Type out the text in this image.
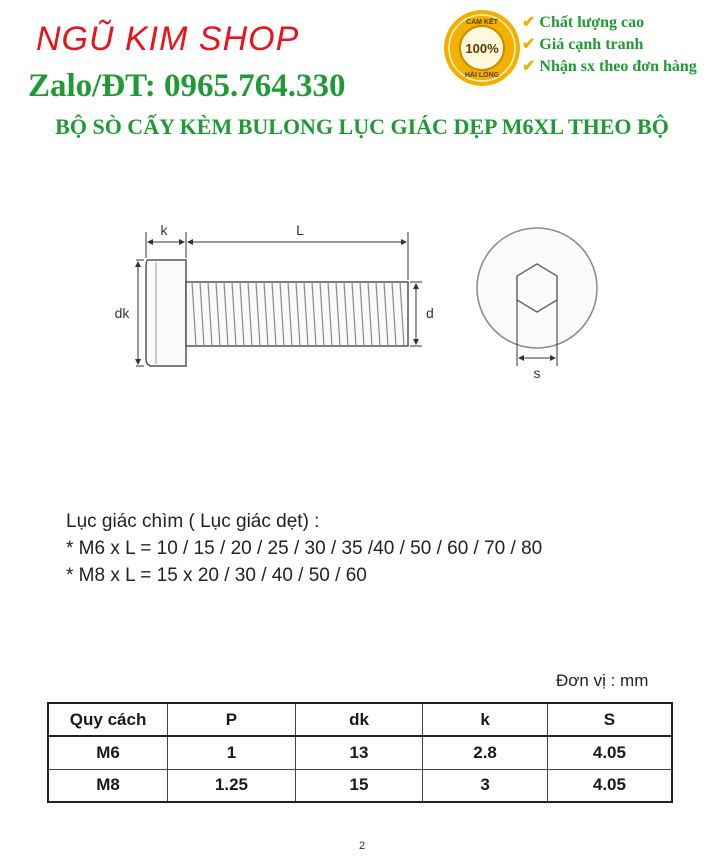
NGŨ KIM SHOP
Zalo/ĐT: 0965.764.330
CAM KẾT
100%
HÀI LÒNG
✔ Chất lượng cao
✔ Giá cạnh tranh
✔ Nhận sx theo đơn hàng
BỘ SÒ CẤY KÈM BULONG LỤC GIÁC DẸP M6XL THEO BỘ
k	L
dk	d
s
Lục giác chìm ( Lục giác dẹt) :
* M6 x L = 10 / 15 / 20 / 25 / 30 / 35 /40 / 50 / 60 / 70 / 80
* M8 x L = 15 x 20 / 30 / 40 / 50 / 60
Đơn vị : mm
Quy cách	P	dk	k	S
M6	1	13	2.8	4.05
M8	1.25	15	3	4.05
2
